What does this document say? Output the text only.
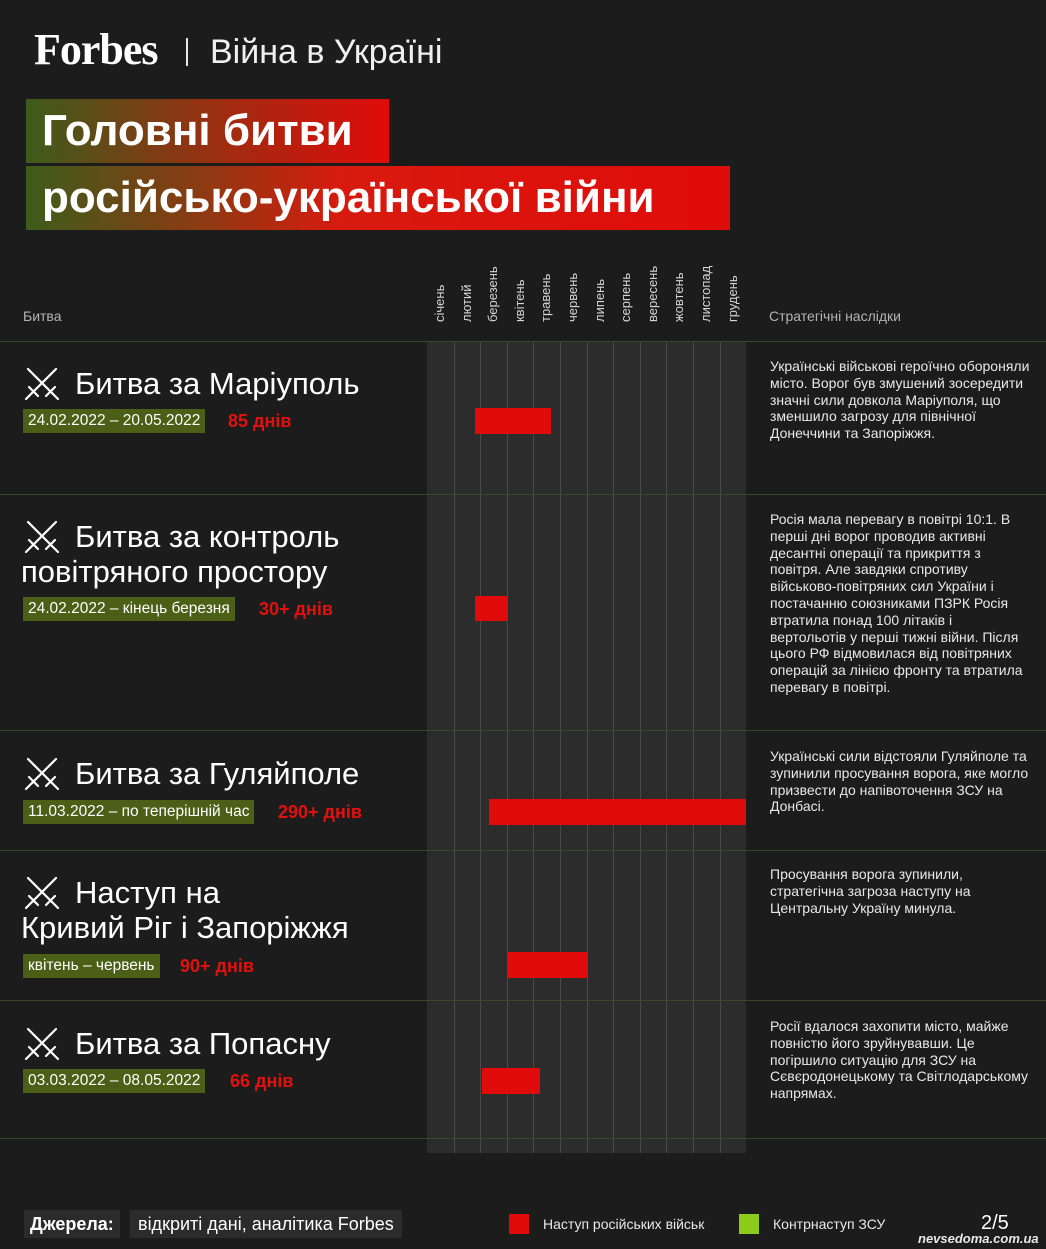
Forbes Війна в Україні
Головні битви
російсько-української війни
Битва	Стратегічні наслідки
січень лютий березень квітень травень червень липень серпень вересень жовтень листопад грудень
Битва за Маріуполь
24.02.2022 – 20.05.2022 85 днів
Українські військові героїчно обороняли місто. Ворог був змушений зосередити значні сили довкола Маріуполя, що зменшило загрозу для північної Донеччини та Запоріжжя.
Битва за контроль
повітряного простору
24.02.2022 – кінець березня 30+ днів
Росія мала перевагу в повітрі 10:1. В перші дні ворог проводив активні десантні операції та прикриття з повітря. Але завдяки спротиву військово-повітряних сил України і постачанню союзниками ПЗРК Росія втратила понад 100 літаків і вертольотів у перші тижні війни. Після цього РФ відмовилася від повітряних операцій за лінією фронту та втратила перевагу в повітрі.
Битва за Гуляйполе
11.03.2022 – по теперішній час 290+ днів
Українські сили відстояли Гуляйполе та зупинили просування ворога, яке могло призвести до напівоточення ЗСУ на Донбасі.
Наступ на
Кривий Ріг і Запоріжжя
квітень – червень 90+ днів
Просування ворога зупинили, стратегічна загроза наступу на Центральну Україну минула.
Битва за Попасну
03.03.2022 – 08.05.2022 66 днів
Росії вдалося захопити місто, майже повністю його зруйнувавши. Це погіршило ситуацію для ЗСУ на Сєвєродонецькому та Світлодарському напрямах.
Джерела:	відкриті дані, аналітика Forbes	Наступ російських військ	Контрнаступ ЗСУ	2/5
nevsedoma.com.ua
